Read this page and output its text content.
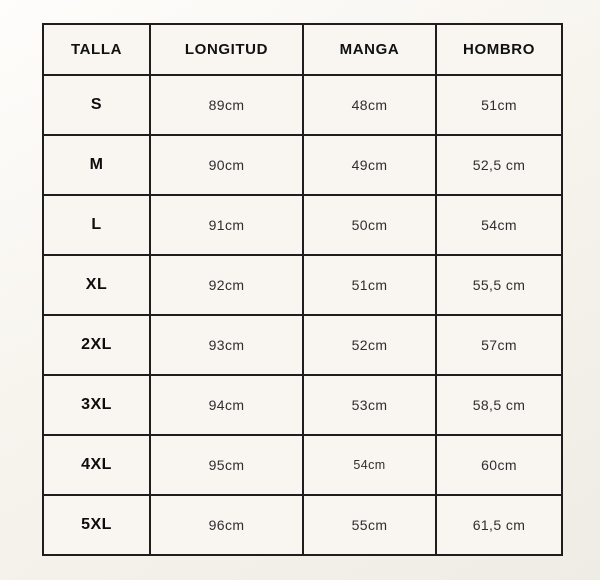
TALLA	LONGITUD	MANGA	HOMBRO
S	89cm	48cm	51cm
M	90cm	49cm	52,5 cm
L	91cm	50cm	54cm
XL	92cm	51cm	55,5 cm
2XL	93cm	52cm	57cm
3XL	94cm	53cm	58,5 cm
4XL	95cm	54cm	60cm
5XL	96cm	55cm	61,5 cm
